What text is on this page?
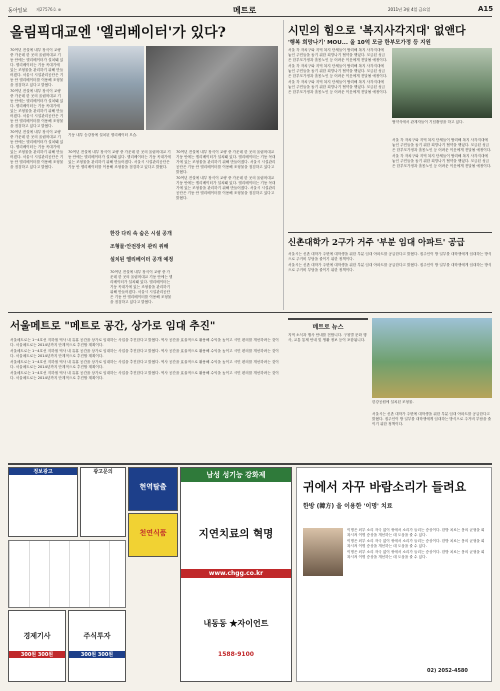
동아일보 제27576호 ⊕	메트로	2011년 3월 4일 금요일	A15
올림픽대교엔 '엘리베이터'가 있다?

70여년 전설에 내부 장식이 교량 중 가운데 한 곳의 올림픽대교 기둥 안에는 엘리베이터가 설치돼 있다. 엘리베이터는 기둥 꼭대기에 있는 조형물을 관리하기 위해 만들어졌다. 서울시 시설관리공단은 기둥 안 엘리베이터를 이용해 조형물을 점검하고 있다고 밝혔다.

70여년 전설에 내부 장식이 교량 중 가운데 한 곳의 올림픽대교 기둥 안에는 엘리베이터가 설치돼 있다. 엘리베이터는 기둥 꼭대기에 있는 조형물을 관리하기 위해 만들어졌다. 서울시 시설관리공단은 기둥 안 엘리베이터를 이용해 조형물을 점검하고 있다고 밝혔다.

70여년 전설에 내부 장식이 교량 중 가운데 한 곳의 올림픽대교 기둥 안에는 엘리베이터가 설치돼 있다. 엘리베이터는 기둥 꼭대기에 있는 조형물을 관리하기 위해 만들어졌다. 서울시 시설관리공단은 기둥 안 엘리베이터를 이용해 조형물을 점검하고 있다고 밝혔다.

기둥 내부 승강장에 설치된 엘리베이터 모습.

70여년 전설에 내부 장식이 교량 중 가운데 한 곳의 올림픽대교 기둥 안에는 엘리베이터가 설치돼 있다. 엘리베이터는 기둥 꼭대기에 있는 조형물을 관리하기 위해 만들어졌다. 서울시 시설관리공단은 기둥 안 엘리베이터를 이용해 조형물을 점검하고 있다고 밝혔다.

70여년 전설에 내부 장식이 교량 중 가운데 한 곳의 올림픽대교 기둥 안에는 엘리베이터가 설치돼 있다. 엘리베이터는 기둥 꼭대기에 있는 조형물을 관리하기 위해 만들어졌다. 서울시 시설관리공단은 기둥 안 엘리베이터를 이용해 조형물을 점검하고 있다고 밝혔다.

70여년 전설에 내부 장식이 교량 중 가운데 한 곳의 올림픽대교 기둥 안에는 엘리베이터가 설치돼 있다. 엘리베이터는 기둥 꼭대기에 있는 조형물을 관리하기 위해 만들어졌다. 서울시 시설관리공단은 기둥 안 엘리베이터를 이용해 조형물을 점검하고 있다고 밝혔다.

한강 다리 속 숨은 시설 공개
조형물·안전장치 관리 위해
설치된 엘리베이터 공개 예정

70여년 전설에 내부 장식이 교량 중 가운데 한 곳의 올림픽대교 기둥 안에는 엘리베이터가 설치돼 있다. 엘리베이터는 기둥 꼭대기에 있는 조형물을 관리하기 위해 만들어졌다. 서울시 시설관리공단은 기둥 안 엘리베이터를 이용해 조형물을 점검하고 있다고 밝혔다.

시민의 힘으로 '복지사각지대' 없앤다
'행복 희망나기' MOU... 올 10억 모금 한부모가정 등 지원

서울 각 자치구와 지역 복지 단체들이 협력해 복지 사각지대에 놓인 주민들을 돕기 위한 희망나기 협약을 맺었다. 모금된 성금은 한부모가정과 홀몸노인 등 어려운 이웃에게 전달될 예정이다.

서울 각 자치구와 지역 복지 단체들이 협력해 복지 사각지대에 놓인 주민들을 돕기 위한 희망나기 협약을 맺었다. 모금된 성금은 한부모가정과 홀몸노인 등 어려운 이웃에게 전달될 예정이다.

서울 각 자치구와 지역 복지 단체들이 협력해 복지 사각지대에 놓인 주민들을 돕기 위한 희망나기 협약을 맺었다. 모금된 성금은 한부모가정과 홀몸노인 등 어려운 이웃에게 전달될 예정이다.

협약식에서 관계자들이 기념촬영을 하고 있다.

서울 각 자치구와 지역 복지 단체들이 협력해 복지 사각지대에 놓인 주민들을 돕기 위한 희망나기 협약을 맺었다. 모금된 성금은 한부모가정과 홀몸노인 등 어려운 이웃에게 전달될 예정이다.

서울 각 자치구와 지역 복지 단체들이 협력해 복지 사각지대에 놓인 주민들을 돕기 위한 희망나기 협약을 맺었다. 모금된 성금은 한부모가정과 홀몸노인 등 어려운 이웃에게 전달될 예정이다.

신촌대학가 2구가 거주 '부분 임대 아파트' 공급

서울시는 신촌 대학가 주변에 대학생을 위한 부분 임대 아파트를 공급한다고 밝혔다. 집주인이 방 일부를 대학생에게 임대하는 방식으로 주거비 부담을 줄이기 위한 정책이다.

서울시는 신촌 대학가 주변에 대학생을 위한 부분 임대 아파트를 공급한다고 밝혔다. 집주인이 방 일부를 대학생에게 임대하는 방식으로 주거비 부담을 줄이기 위한 정책이다.

서울메트로 "메트로 공간, 상가로 임대 추진"

서울메트로는 1~4호선 지하철 역사 내 유휴 공간을 상가로 임대하는 사업을 추진한다고 밝혔다. 역사 공간을 효율적으로 활용해 수익을 높이고 시민 편의를 개선하려는 것이다. 서울메트로는 2014년까지 단계적으로 추진할 계획이다.

서울메트로는 1~4호선 지하철 역사 내 유휴 공간을 상가로 임대하는 사업을 추진한다고 밝혔다. 역사 공간을 효율적으로 활용해 수익을 높이고 시민 편의를 개선하려는 것이다. 서울메트로는 2014년까지 단계적으로 추진할 계획이다.

서울메트로는 1~4호선 지하철 역사 내 유휴 공간을 상가로 임대하는 사업을 추진한다고 밝혔다. 역사 공간을 효율적으로 활용해 수익을 높이고 시민 편의를 개선하려는 것이다. 서울메트로는 2014년까지 단계적으로 추진할 계획이다.

서울메트로는 1~4호선 지하철 역사 내 유휴 공간을 상가로 임대하는 사업을 추진한다고 밝혔다. 역사 공간을 효율적으로 활용해 수익을 높이고 시민 편의를 개선하려는 것이다. 서울메트로는 2014년까지 단계적으로 추진할 계획이다.

메트로 뉴스
지역 소식과 행사 안내를 전합니다. 구청별 문화 행사, 교통 통제 안내 및 생활 정보 등이 포함됩니다.
한강공원에 설치된 조형물.

서울시는 신촌 대학가 주변에 대학생을 위한 부분 임대 아파트를 공급한다고 밝혔다. 집주인이 방 일부를 대학생에게 임대하는 방식으로 주거비 부담을 줄이기 위한 정책이다.

정보광고	광고문의
현역탈출
천연식품
경제기사
300원 300원
주식투자
300원 300원
남성 성기능 강화제
지연치료의 혁명
www.chgg.co.kr
내동동 ★자이언트
1588-9100
귀에서 자꾸 바람소리가 들려요
한방 (韓方) 을 이용한 '이명' 치료

이명은 외부 소리 자극 없이 귀에서 소리가 들리는 증상이다. 한방 치료는 몸의 균형을 회복시켜 이명 증상을 개선하는 데 도움을 줄 수 있다.

이명은 외부 소리 자극 없이 귀에서 소리가 들리는 증상이다. 한방 치료는 몸의 균형을 회복시켜 이명 증상을 개선하는 데 도움을 줄 수 있다.

이명은 외부 소리 자극 없이 귀에서 소리가 들리는 증상이다. 한방 치료는 몸의 균형을 회복시켜 이명 증상을 개선하는 데 도움을 줄 수 있다.

02) 2052-4580
